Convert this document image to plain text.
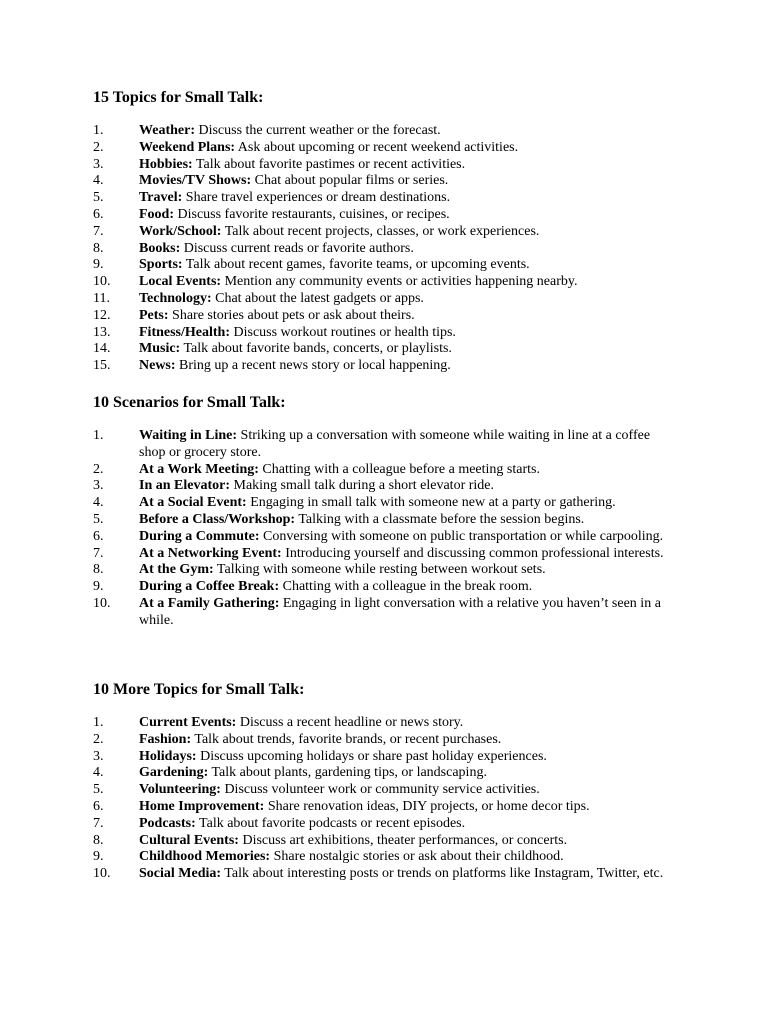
15 Topics for Small Talk:
1.	Weather: Discuss the current weather or the forecast.
2.	Weekend Plans: Ask about upcoming or recent weekend activities.
3.	Hobbies: Talk about favorite pastimes or recent activities.
4.	Movies/TV Shows: Chat about popular films or series.
5.	Travel: Share travel experiences or dream destinations.
6.	Food: Discuss favorite restaurants, cuisines, or recipes.
7.	Work/School: Talk about recent projects, classes, or work experiences.
8.	Books: Discuss current reads or favorite authors.
9.	Sports: Talk about recent games, favorite teams, or upcoming events.
10.	Local Events: Mention any community events or activities happening nearby.
11.	Technology: Chat about the latest gadgets or apps.
12.	Pets: Share stories about pets or ask about theirs.
13.	Fitness/Health: Discuss workout routines or health tips.
14.	Music: Talk about favorite bands, concerts, or playlists.
15.	News: Bring up a recent news story or local happening.
10 Scenarios for Small Talk:
1.	Waiting in Line: Striking up a conversation with someone while waiting in line at a coffee shop or grocery store.
2.	At a Work Meeting: Chatting with a colleague before a meeting starts.
3.	In an Elevator: Making small talk during a short elevator ride.
4.	At a Social Event: Engaging in small talk with someone new at a party or gathering.
5.	Before a Class/Workshop: Talking with a classmate before the session begins.
6.	During a Commute: Conversing with someone on public transportation or while carpooling.
7.	At a Networking Event: Introducing yourself and discussing common professional interests.
8.	At the Gym: Talking with someone while resting between workout sets.
9.	During a Coffee Break: Chatting with a colleague in the break room.
10.	At a Family Gathering: Engaging in light conversation with a relative you haven’t seen in a while.
10 More Topics for Small Talk:
1.	Current Events: Discuss a recent headline or news story.
2.	Fashion: Talk about trends, favorite brands, or recent purchases.
3.	Holidays: Discuss upcoming holidays or share past holiday experiences.
4.	Gardening: Talk about plants, gardening tips, or landscaping.
5.	Volunteering: Discuss volunteer work or community service activities.
6.	Home Improvement: Share renovation ideas, DIY projects, or home decor tips.
7.	Podcasts: Talk about favorite podcasts or recent episodes.
8.	Cultural Events: Discuss art exhibitions, theater performances, or concerts.
9.	Childhood Memories: Share nostalgic stories or ask about their childhood.
10.	Social Media: Talk about interesting posts or trends on platforms like Instagram, Twitter, etc.
